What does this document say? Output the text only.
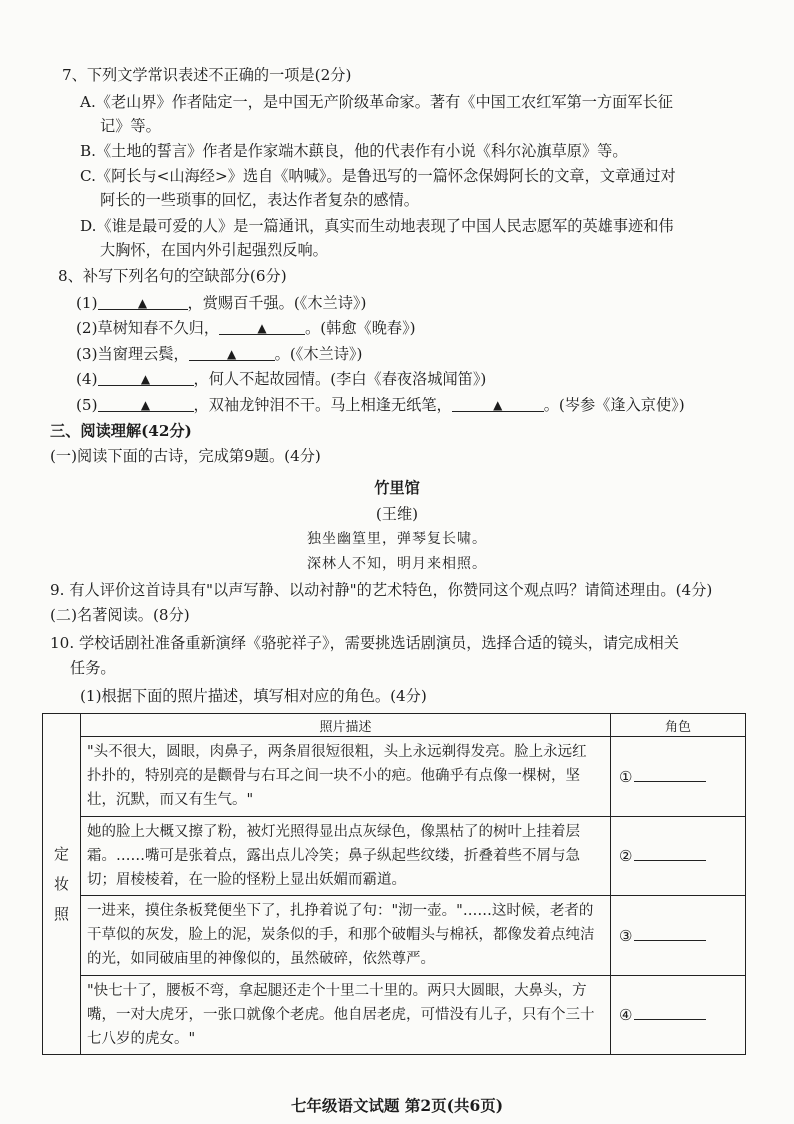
7、下列文学常识表述不正确的一项是(2分)
A.《老山界》作者陆定一，是中国无产阶级革命家。著有《中国工农红军第一方面军长征
记》等。
B.《土地的誓言》作者是作家端木蕻良，他的代表作有小说《科尔沁旗草原》等。
C.《阿长与<山海经>》选自《呐喊》。是鲁迅写的一篇怀念保姆阿长的文章，文章通过对
阿长的一些琐事的回忆，表达作者复杂的感情。
D.《谁是最可爱的人》是一篇通讯，真实而生动地表现了中国人民志愿军的英雄事迹和伟
大胸怀，在国内外引起强烈反响。
8、补写下列名句的空缺部分(6分)
(1)	▲	，赏赐百千强。(《木兰诗》)
(2)草树知春不久归，	▲	。(韩愈《晚春》)
(3)当窗理云鬓，	▲	。(《木兰诗》)
(4)	▲	，何人不起故园情。(李白《春夜洛城闻笛》)
(5)	▲	，双袖龙钟泪不干。马上相逢无纸笔，	▲	。(岑参《逢入京使》)
三、阅读理解(42分)
(一)阅读下面的古诗，完成第9题。(4分)
竹里馆
(王维)
独坐幽篁里，弹琴复长啸。
深林人不知，明月来相照。
9. 有人评价这首诗具有"以声写静、以动衬静"的艺术特色，你赞同这个观点吗？请简述理由。(4分)
(二)名著阅读。(8分)
10. 学校话剧社准备重新演绎《骆驼祥子》，需要挑选话剧演员，选择合适的镜头，请完成相关
任务。
(1)根据下面的照片描述，填写相对应的角色。(4分)
定
妆
照	照片描述	角色

	"头不很大，圆眼，肉鼻子，两条眉很短很粗，头上永远剃得发亮。脸上永远红
扑扑的，特别亮的是颧骨与右耳之间一块不小的疤。他确乎有点像一棵树，坚
壮，沉默，而又有生气。"	①

	她的脸上大概又擦了粉，被灯光照得显出点灰绿色，像黑枯了的树叶上挂着层
霜。……嘴可是张着点，露出点儿冷笑；鼻子纵起些纹缕，折叠着些不屑与急
切；眉棱棱着，在一脸的怪粉上显出妖媚而霸道。	②

	一进来，摸住条板凳便坐下了，扎挣着说了句："沏一壶。"……这时候，老者的
干草似的灰发，脸上的泥，炭条似的手，和那个破帽头与棉袄，都像发着点纯洁
的光，如同破庙里的神像似的，虽然破碎，依然尊严。	③

	"快七十了，腰板不弯，拿起腿还走个十里二十里的。两只大圆眼，大鼻头，方
嘴，一对大虎牙，一张口就像个老虎。他自居老虎，可惜没有儿子，只有个三十
七八岁的虎女。"	④
七年级语文试题 第2页(共6页)
